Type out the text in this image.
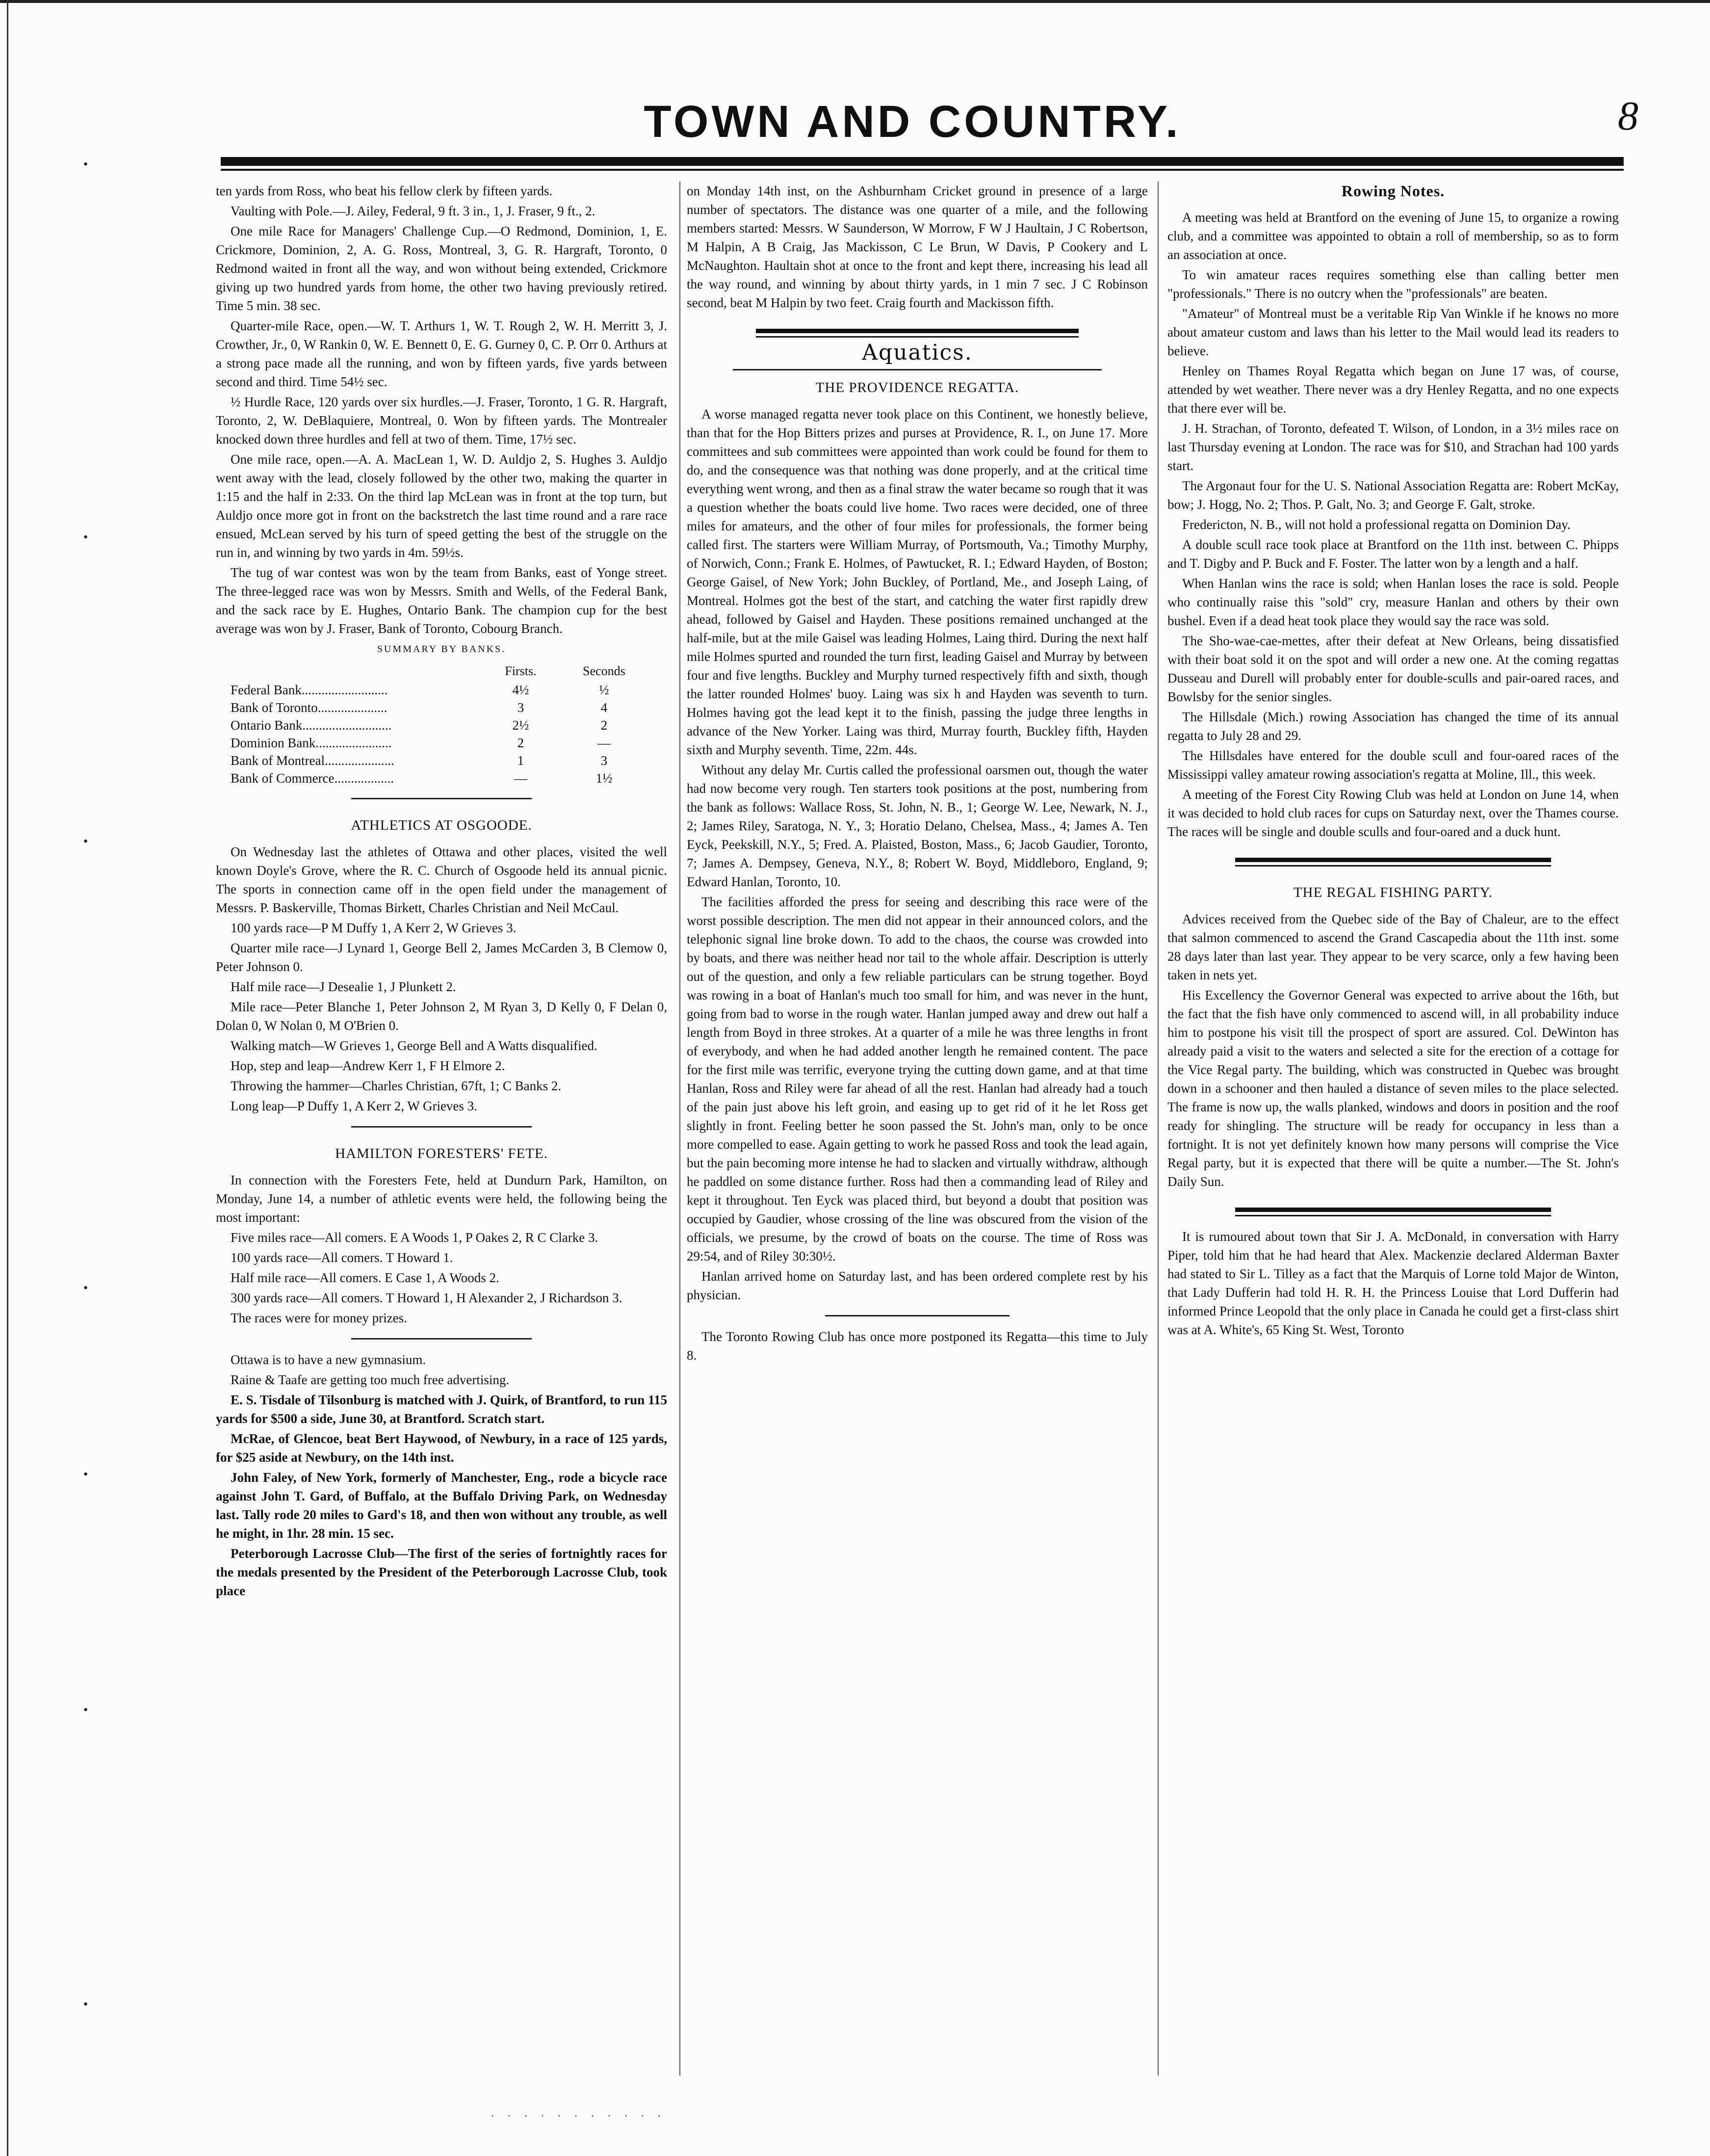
TOWN AND COUNTRY.	8
•
•
•
•
•
•
•

ten yards from Ross, who beat his fellow clerk by fifteen yards.

Vaulting with Pole.—J. Ailey, Federal, 9 ft. 3 in., 1, J. Fraser, 9 ft., 2.

One mile Race for Managers' Challenge Cup.—O Redmond, Dominion, 1, E. Crickmore, Dominion, 2, A. G. Ross, Montreal, 3, G. R. Hargraft, Toronto, 0 Redmond waited in front all the way, and won without being extended, Crickmore giving up two hundred yards from home, the other two having previously retired. Time 5 min. 38 sec.

Quarter-mile Race, open.—W. T. Arthurs 1, W. T. Rough 2, W. H. Merritt 3, J. Crowther, Jr., 0, W Rankin 0, W. E. Bennett 0, E. G. Gurney 0, C. P. Orr 0. Arthurs at a strong pace made all the running, and won by fifteen yards, five yards between second and third. Time 54½ sec.

½ Hurdle Race, 120 yards over six hurdles.—J. Fraser, Toronto, 1 G. R. Hargraft, Toronto, 2, W. DeBlaquiere, Montreal, 0. Won by fifteen yards. The Montrealer knocked down three hurdles and fell at two of them. Time, 17½ sec.

One mile race, open.—A. A. MacLean 1, W. D. Auldjo 2, S. Hughes 3. Auldjo went away with the lead, closely followed by the other two, making the quarter in 1:15 and the half in 2:33. On the third lap McLean was in front at the top turn, but Auldjo once more got in front on the backstretch the last time round and a rare race ensued, McLean served by his turn of speed getting the best of the struggle on the run in, and winning by two yards in 4m. 59½s.

The tug of war contest was won by the team from Banks, east of Yonge street. The three-legged race was won by Messrs. Smith and Wells, of the Federal Bank, and the sack race by E. Hughes, Ontario Bank. The champion cup for the best average was won by J. Fraser, Bank of Toronto, Cobourg Branch.

SUMMARY BY BANKS.
	Firsts.	Seconds
Federal Bank..........................	4½	½
Bank of Toronto.....................	3	4
Ontario Bank...........................	2½	2
Dominion Bank.......................	2	—
Bank of Montreal.....................	1	3
Bank of Commerce..................	—	1½
ATHLETICS AT OSGOODE.

On Wednesday last the athletes of Ottawa and other places, visited the well known Doyle's Grove, where the R. C. Church of Osgoode held its annual picnic. The sports in connection came off in the open field under the management of Messrs. P. Baskerville, Thomas Birkett, Charles Christian and Neil McCaul.

100 yards race—P M Duffy 1, A Kerr 2, W Grieves 3.

Quarter mile race—J Lynard 1, George Bell 2, James McCarden 3, B Clemow 0, Peter Johnson 0.

Half mile race—J Desealie 1, J Plunkett 2.

Mile race—Peter Blanche 1, Peter Johnson 2, M Ryan 3, D Kelly 0, F Delan 0, Dolan 0, W Nolan 0, M O'Brien 0.

Walking match—W Grieves 1, George Bell and A Watts disqualified.

Hop, step and leap—Andrew Kerr 1, F H Elmore 2.

Throwing the hammer—Charles Christian, 67ft, 1; C Banks 2.

Long leap—P Duffy 1, A Kerr 2, W Grieves 3.

HAMILTON FORESTERS' FETE.

In connection with the Foresters Fete, held at Dundurn Park, Hamilton, on Monday, June 14, a number of athletic events were held, the following being the most important:

Five miles race—All comers. E A Woods 1, P Oakes 2, R C Clarke 3.

100 yards race—All comers. T Howard 1.

Half mile race—All comers. E Case 1, A Woods 2.

300 yards race—All comers. T Howard 1, H Alexander 2, J Richardson 3.

The races were for money prizes.

Ottawa is to have a new gymnasium.

Raine & Taafe are getting too much free advertising.

E. S. Tisdale of Tilsonburg is matched with J. Quirk, of Brantford, to run 115 yards for $500 a side, June 30, at Brantford. Scratch start.

McRae, of Glencoe, beat Bert Haywood, of Newbury, in a race of 125 yards, for $25 aside at Newbury, on the 14th inst.

John Faley, of New York, formerly of Manchester, Eng., rode a bicycle race against John T. Gard, of Buffalo, at the Buffalo Driving Park, on Wednesday last. Tally rode 20 miles to Gard's 18, and then won without any trouble, as well he might, in 1hr. 28 min. 15 sec.

Peterborough Lacrosse Club—The first of the series of fortnightly races for the medals presented by the President of the Peterborough Lacrosse Club, took place

on Monday 14th inst, on the Ashburnham Cricket ground in presence of a large number of spectators. The distance was one quarter of a mile, and the following members started: Messrs. W Saunderson, W Morrow, F W J Haultain, J C Robertson, M Halpin, A B Craig, Jas Mackisson, C Le Brun, W Davis, P Cookery and L McNaughton. Haultain shot at once to the front and kept there, increasing his lead all the way round, and winning by about thirty yards, in 1 min 7 sec. J C Robinson second, beat M Halpin by two feet. Craig fourth and Mackisson fifth.

Aquatics.
THE PROVIDENCE REGATTA.

A worse managed regatta never took place on this Continent, we honestly believe, than that for the Hop Bitters prizes and purses at Providence, R. I., on June 17. More committees and sub committees were appointed than work could be found for them to do, and the consequence was that nothing was done properly, and at the critical time everything went wrong, and then as a final straw the water became so rough that it was a question whether the boats could live home. Two races were decided, one of three miles for amateurs, and the other of four miles for professionals, the former being called first. The starters were William Murray, of Portsmouth, Va.; Timothy Murphy, of Norwich, Conn.; Frank E. Holmes, of Pawtucket, R. I.; Edward Hayden, of Boston; George Gaisel, of New York; John Buckley, of Portland, Me., and Joseph Laing, of Montreal. Holmes got the best of the start, and catching the water first rapidly drew ahead, followed by Gaisel and Hayden. These positions remained unchanged at the half-mile, but at the mile Gaisel was leading Holmes, Laing third. During the next half mile Holmes spurted and rounded the turn first, leading Gaisel and Murray by between four and five lengths. Buckley and Murphy turned respectively fifth and sixth, though the latter rounded Holmes' buoy. Laing was six h and Hayden was seventh to turn. Holmes having got the lead kept it to the finish, passing the judge three lengths in advance of the New Yorker. Laing was third, Murray fourth, Buckley fifth, Hayden sixth and Murphy seventh. Time, 22m. 44s.

Without any delay Mr. Curtis called the professional oarsmen out, though the water had now become very rough. Ten starters took positions at the post, numbering from the bank as follows: Wallace Ross, St. John, N. B., 1; George W. Lee, Newark, N. J., 2; James Riley, Saratoga, N. Y., 3; Horatio Delano, Chelsea, Mass., 4; James A. Ten Eyck, Peekskill, N.Y., 5; Fred. A. Plaisted, Boston, Mass., 6; Jacob Gaudier, Toronto, 7; James A. Dempsey, Geneva, N.Y., 8; Robert W. Boyd, Middleboro, England, 9; Edward Hanlan, Toronto, 10.

The facilities afforded the press for seeing and describing this race were of the worst possible description. The men did not appear in their announced colors, and the telephonic signal line broke down. To add to the chaos, the course was crowded into by boats, and there was neither head nor tail to the whole affair. Description is utterly out of the question, and only a few reliable particulars can be strung together. Boyd was rowing in a boat of Hanlan's much too small for him, and was never in the hunt, going from bad to worse in the rough water. Hanlan jumped away and drew out half a length from Boyd in three strokes. At a quarter of a mile he was three lengths in front of everybody, and when he had added another length he remained content. The pace for the first mile was terrific, everyone trying the cutting down game, and at that time Hanlan, Ross and Riley were far ahead of all the rest. Hanlan had already had a touch of the pain just above his left groin, and easing up to get rid of it he let Ross get slightly in front. Feeling better he soon passed the St. John's man, only to be once more compelled to ease. Again getting to work he passed Ross and took the lead again, but the pain becoming more intense he had to slacken and virtually withdraw, although he paddled on some distance further. Ross had then a commanding lead of Riley and kept it throughout. Ten Eyck was placed third, but beyond a doubt that position was occupied by Gaudier, whose crossing of the line was obscured from the vision of the officials, we presume, by the crowd of boats on the course. The time of Ross was 29:54, and of Riley 30:30½.

Hanlan arrived home on Saturday last, and has been ordered complete rest by his physician.

The Toronto Rowing Club has once more postponed its Regatta—this time to July 8.

Rowing Notes.

A meeting was held at Brantford on the evening of June 15, to organize a rowing club, and a committee was appointed to obtain a roll of membership, so as to form an association at once.

To win amateur races requires something else than calling better men "professionals." There is no outcry when the "professionals" are beaten.

"Amateur" of Montreal must be a veritable Rip Van Winkle if he knows no more about amateur custom and laws than his letter to the Mail would lead its readers to believe.

Henley on Thames Royal Regatta which began on June 17 was, of course, attended by wet weather. There never was a dry Henley Regatta, and no one expects that there ever will be.

J. H. Strachan, of Toronto, defeated T. Wilson, of London, in a 3½ miles race on last Thursday evening at London. The race was for $10, and Strachan had 100 yards start.

The Argonaut four for the U. S. National Association Regatta are: Robert McKay, bow; J. Hogg, No. 2; Thos. P. Galt, No. 3; and George F. Galt, stroke.

Fredericton, N. B., will not hold a professional regatta on Dominion Day.

A double scull race took place at Brantford on the 11th inst. between C. Phipps and T. Digby and P. Buck and F. Foster. The latter won by a length and a half.

When Hanlan wins the race is sold; when Hanlan loses the race is sold. People who continually raise this "sold" cry, measure Hanlan and others by their own bushel. Even if a dead heat took place they would say the race was sold.

The Sho-wae-cae-mettes, after their defeat at New Orleans, being dissatisfied with their boat sold it on the spot and will order a new one. At the coming regattas Dusseau and Durell will probably enter for double-sculls and pair-oared races, and Bowlsby for the senior singles.

The Hillsdale (Mich.) rowing Association has changed the time of its annual regatta to July 28 and 29.

The Hillsdales have entered for the double scull and four-oared races of the Mississippi valley amateur rowing association's regatta at Moline, Ill., this week.

A meeting of the Forest City Rowing Club was held at London on June 14, when it was decided to hold club races for cups on Saturday next, over the Thames course. The races will be single and double sculls and four-oared and a duck hunt.

THE REGAL FISHING PARTY.

Advices received from the Quebec side of the Bay of Chaleur, are to the effect that salmon commenced to ascend the Grand Cascapedia about the 11th inst. some 28 days later than last year. They appear to be very scarce, only a few having been taken in nets yet.

His Excellency the Governor General was expected to arrive about the 16th, but the fact that the fish have only commenced to ascend will, in all probability induce him to postpone his visit till the prospect of sport are assured. Col. DeWinton has already paid a visit to the waters and selected a site for the erection of a cottage for the Vice Regal party. The building, which was constructed in Quebec was brought down in a schooner and then hauled a distance of seven miles to the place selected. The frame is now up, the walls planked, windows and doors in position and the roof ready for shingling. The structure will be ready for occupancy in less than a fortnight. It is not yet definitely known how many persons will comprise the Vice Regal party, but it is expected that there will be quite a number.—The St. John's Daily Sun.

It is rumoured about town that Sir J. A. McDonald, in conversation with Harry Piper, told him that he had heard that Alex. Mackenzie declared Alderman Baxter had stated to Sir L. Tilley as a fact that the Marquis of Lorne told Major de Winton, that Lady Dufferin had told H. R. H. the Princess Louise that Lord Dufferin had informed Prince Leopold that the only place in Canada he could get a first-class shirt was at A. White's, 65 King St. West, Toronto

· · · · · · · · · · ·
